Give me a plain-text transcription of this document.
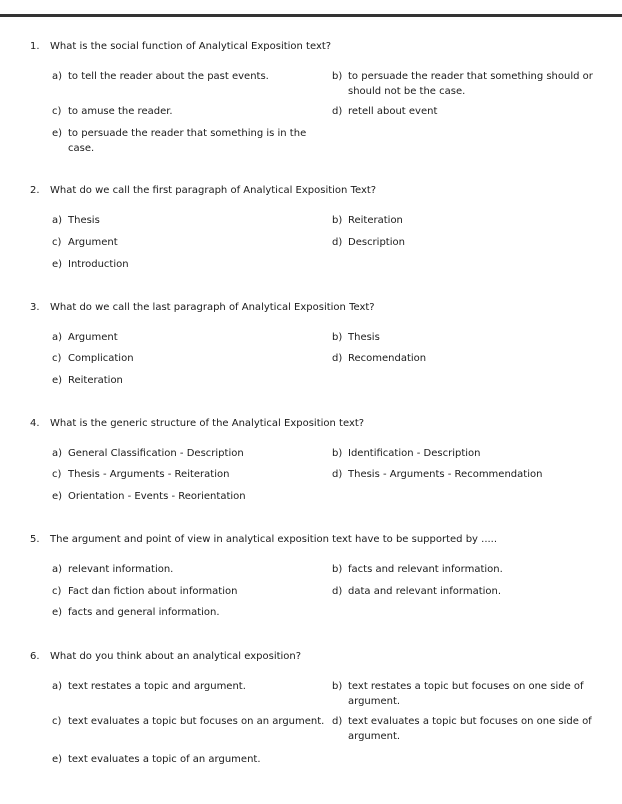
1. What is the social function of Analytical Exposition text?
a) to tell the reader about the past events.	b) to persuade the reader that something should or should not be the case.
c) to amuse the reader.	d) retell about event
e) to persuade the reader that something is in the case.
2. What do we call the first paragraph of Analytical Exposition Text?
a) Thesis	b) Reiteration
c) Argument	d) Description
e) Introduction
3. What do we call the last paragraph of Analytical Exposition Text?
a) Argument	b) Thesis
c) Complication	d) Recomendation
e) Reiteration
4. What is the generic structure of the Analytical Exposition text?
a) General Classification - Description	b) Identification - Description
c) Thesis - Arguments - Reiteration	d) Thesis - Arguments - Recommendation
e) Orientation - Events - Reorientation
5. The argument and point of view in analytical exposition text have to be supported by .....
a) relevant information.	b) facts and relevant information.
c) Fact dan fiction about information	d) data and relevant information.
e) facts and general information.
6. What do you think about an analytical exposition?
a) text restates a topic and argument.	b) text restates a topic but focuses on one side of argument.
c) text evaluates a topic but focuses on an argument. d) text evaluates a topic but focuses on one side of argument.
e) text evaluates a topic of an argument.
